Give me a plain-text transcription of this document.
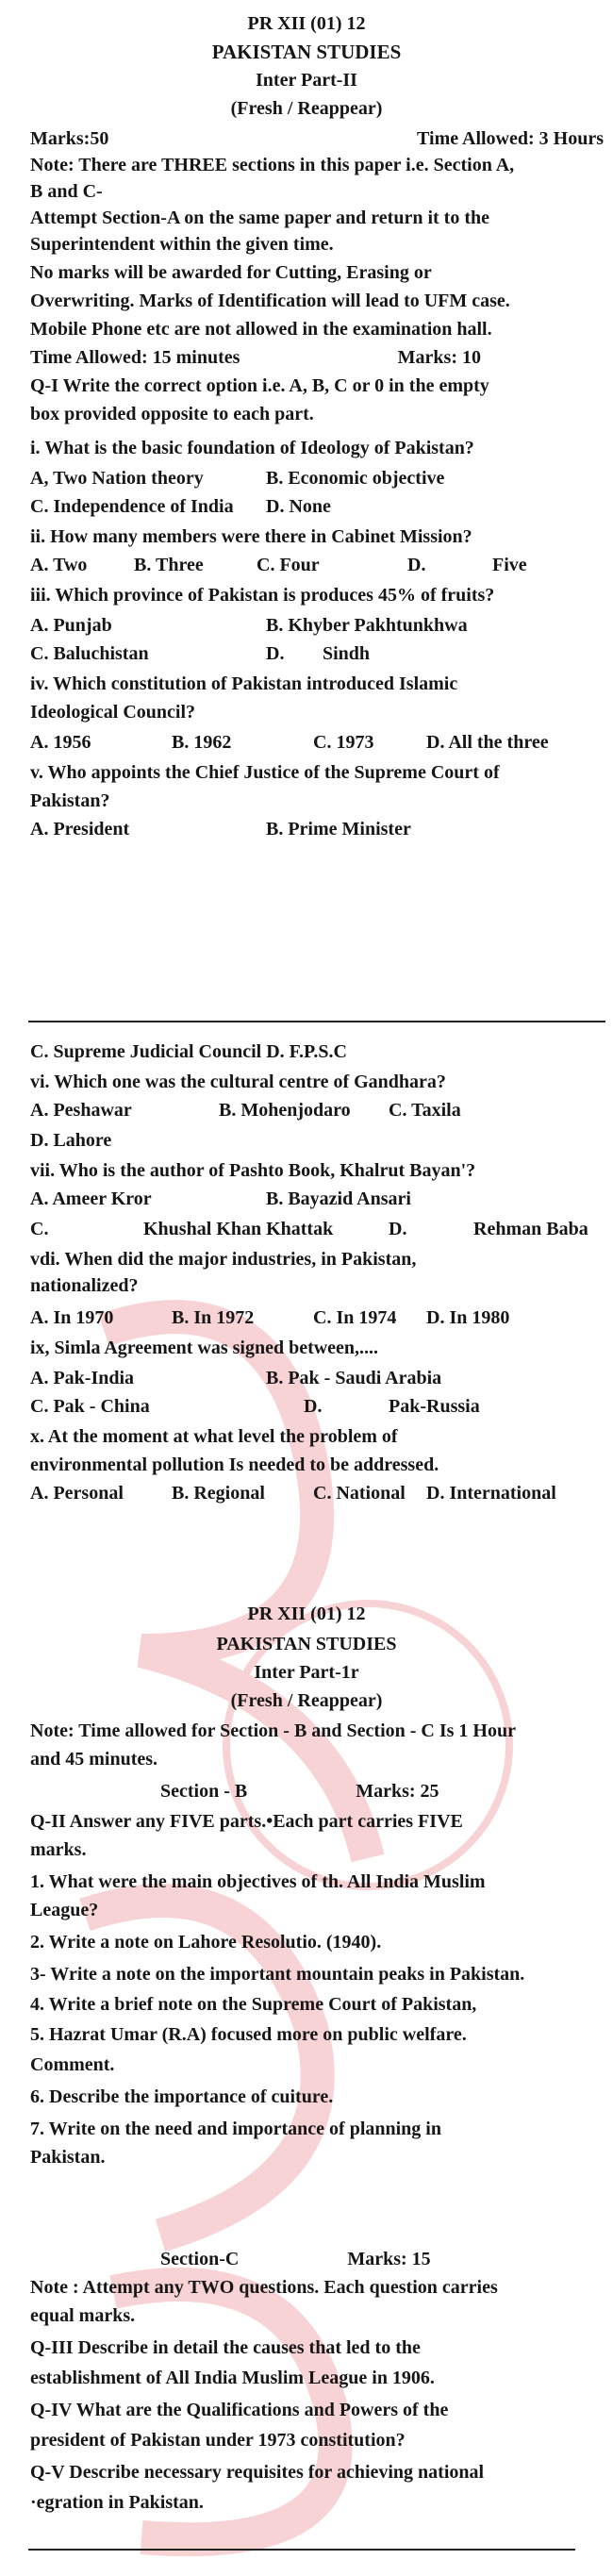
PR XII (01) 12
PAKISTAN STUDIES
Inter Part-II
(Fresh / Reappear)
Marks:50	Time Allowed: 3 Hours
Note: There are THREE sections in this paper i.e. Section A,
B and C-
Attempt Section-A on the same paper and return it to the
Superintendent within the given time.
No marks will be awarded for Cutting, Erasing or
Overwriting. Marks of Identification will lead to UFM case.
Mobile Phone etc are not allowed in the examination hall.
Time Allowed: 15 minutes	Marks: 10
Q-I Write the correct option i.e. A, B, C or 0 in the empty
box provided opposite to each part.
i. What is the basic foundation of Ideology of Pakistan?
A, Two Nation theory	B. Economic objective
C. Independence of India D. None
ii. How many members were there in Cabinet Mission?
A. Two B. Three	C. Four	D.	Five
iii. Which province of Pakistan is produces 45% of fruits?
A. Punjab	B. Khyber Pakhtunkhwa
C. Baluchistan	D. Sindh
iv. Which constitution of Pakistan introduced Islamic
Ideological Council?
A. 1956	B. 1962	C. 1973	D. All the three
v. Who appoints the Chief Justice of the Supreme Court of
Pakistan?
A. President	B. Prime Minister
C. Supreme Judicial Council D. F.P.S.C
vi. Which one was the cultural centre of Gandhara?
A. Peshawar	B. Mohenjodaro C. Taxila
D. Lahore
vii. Who is the author of Pashto Book, Khalrut Bayan'?
A. Ameer Kror	B. Bayazid Ansari
C.	Khushal Khan Khattak	D.	Rehman Baba
vdi. When did the major industries, in Pakistan,
nationalized?
A. In 1970	B. In 1972	C. In 1974 D. In 1980
ix, Simla Agreement was signed between,....
A. Pak-India	B. Pak - Saudi Arabia
C. Pak - China	D.	Pak-Russia
x. At the moment at what level the problem of
environmental pollution Is needed to be addressed.
A. Personal	B. Regional	C. National D. International
PR XII (01) 12
PAKISTAN STUDIES
Inter Part-1r
(Fresh / Reappear)
Note: Time allowed for Section - B and Section - C Is 1 Hour
and 45 minutes.
Section - B	Marks: 25
Q-II Answer any FIVE parts.•Each part carries FIVE
marks.
1. What were the main objectives of th. All India Muslim
League?
2. Write a note on Lahore Resolutio. (1940).
3- Write a note on the important mountain peaks in Pakistan.
4. Write a brief note on the Supreme Court of Pakistan,
5. Hazrat Umar (R.A) focused more on public welfare.
Comment.
6. Describe the importance of cuiture.
7. Write on the need and importance of planning in
Pakistan.
Section-C	Marks: 15
Note : Attempt any TWO questions. Each question carries
equal marks.
Q-III Describe in detail the causes that led to the
establishment of All India Muslim League in 1906.
Q-IV What are the Qualifications and Powers of the
president of Pakistan under 1973 constitution?
Q-V Describe necessary requisites for achieving national
·egration in Pakistan.
